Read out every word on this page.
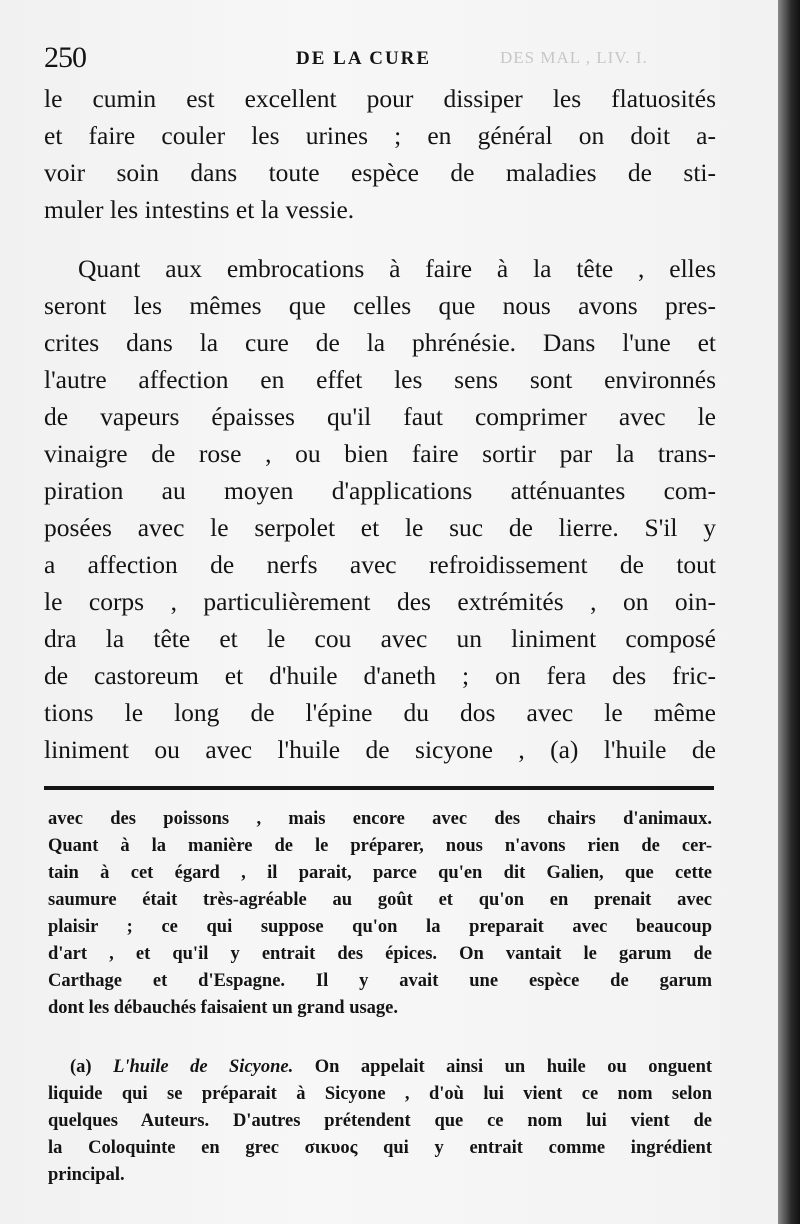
250	DE LA CURE	DES MAL , LIV. I.
le cumin est excellent pour dissiper les flatuosités
et faire couler les urines ; en général on doit a-
voir soin dans toute espèce de maladies de sti-
muler les intestins et la vessie.
Quant aux embrocations à faire à la tête , elles
seront les mêmes que celles que nous avons pres-
crites dans la cure de la phrénésie. Dans l'une et
l'autre affection en effet les sens sont environnés
de vapeurs épaisses qu'il faut comprimer avec le
vinaigre de rose , ou bien faire sortir par la trans-
piration au moyen d'applications atténuantes com-
posées avec le serpolet et le suc de lierre. S'il y
a affection de nerfs avec refroidissement de tout
le corps , particulièrement des extrémités , on oin-
dra la tête et le cou avec un liniment composé
de castoreum et d'huile d'aneth ; on fera des fric-
tions le long de l'épine du dos avec le même
liniment ou avec l'huile de sicyone , (a) l'huile de
avec des poissons , mais encore avec des chairs d'animaux.
Quant à la manière de le préparer, nous n'avons rien de cer-
tain à cet égard , il parait, parce qu'en dit Galien, que cette
saumure était très-agréable au goût et qu'on en prenait avec
plaisir ; ce qui suppose qu'on la preparait avec beaucoup
d'art , et qu'il y entrait des épices. On vantait le garum de
Carthage et d'Espagne. Il y avait une espèce de garum
dont les débauchés faisaient un grand usage.
(a) L'huile de Sicyone. On appelait ainsi un huile ou onguent
liquide qui se préparait à Sicyone , d'où lui vient ce nom selon
quelques Auteurs. D'autres prétendent que ce nom lui vient de
la Coloquinte en grec σικυος qui y entrait comme ingrédient
principal.
